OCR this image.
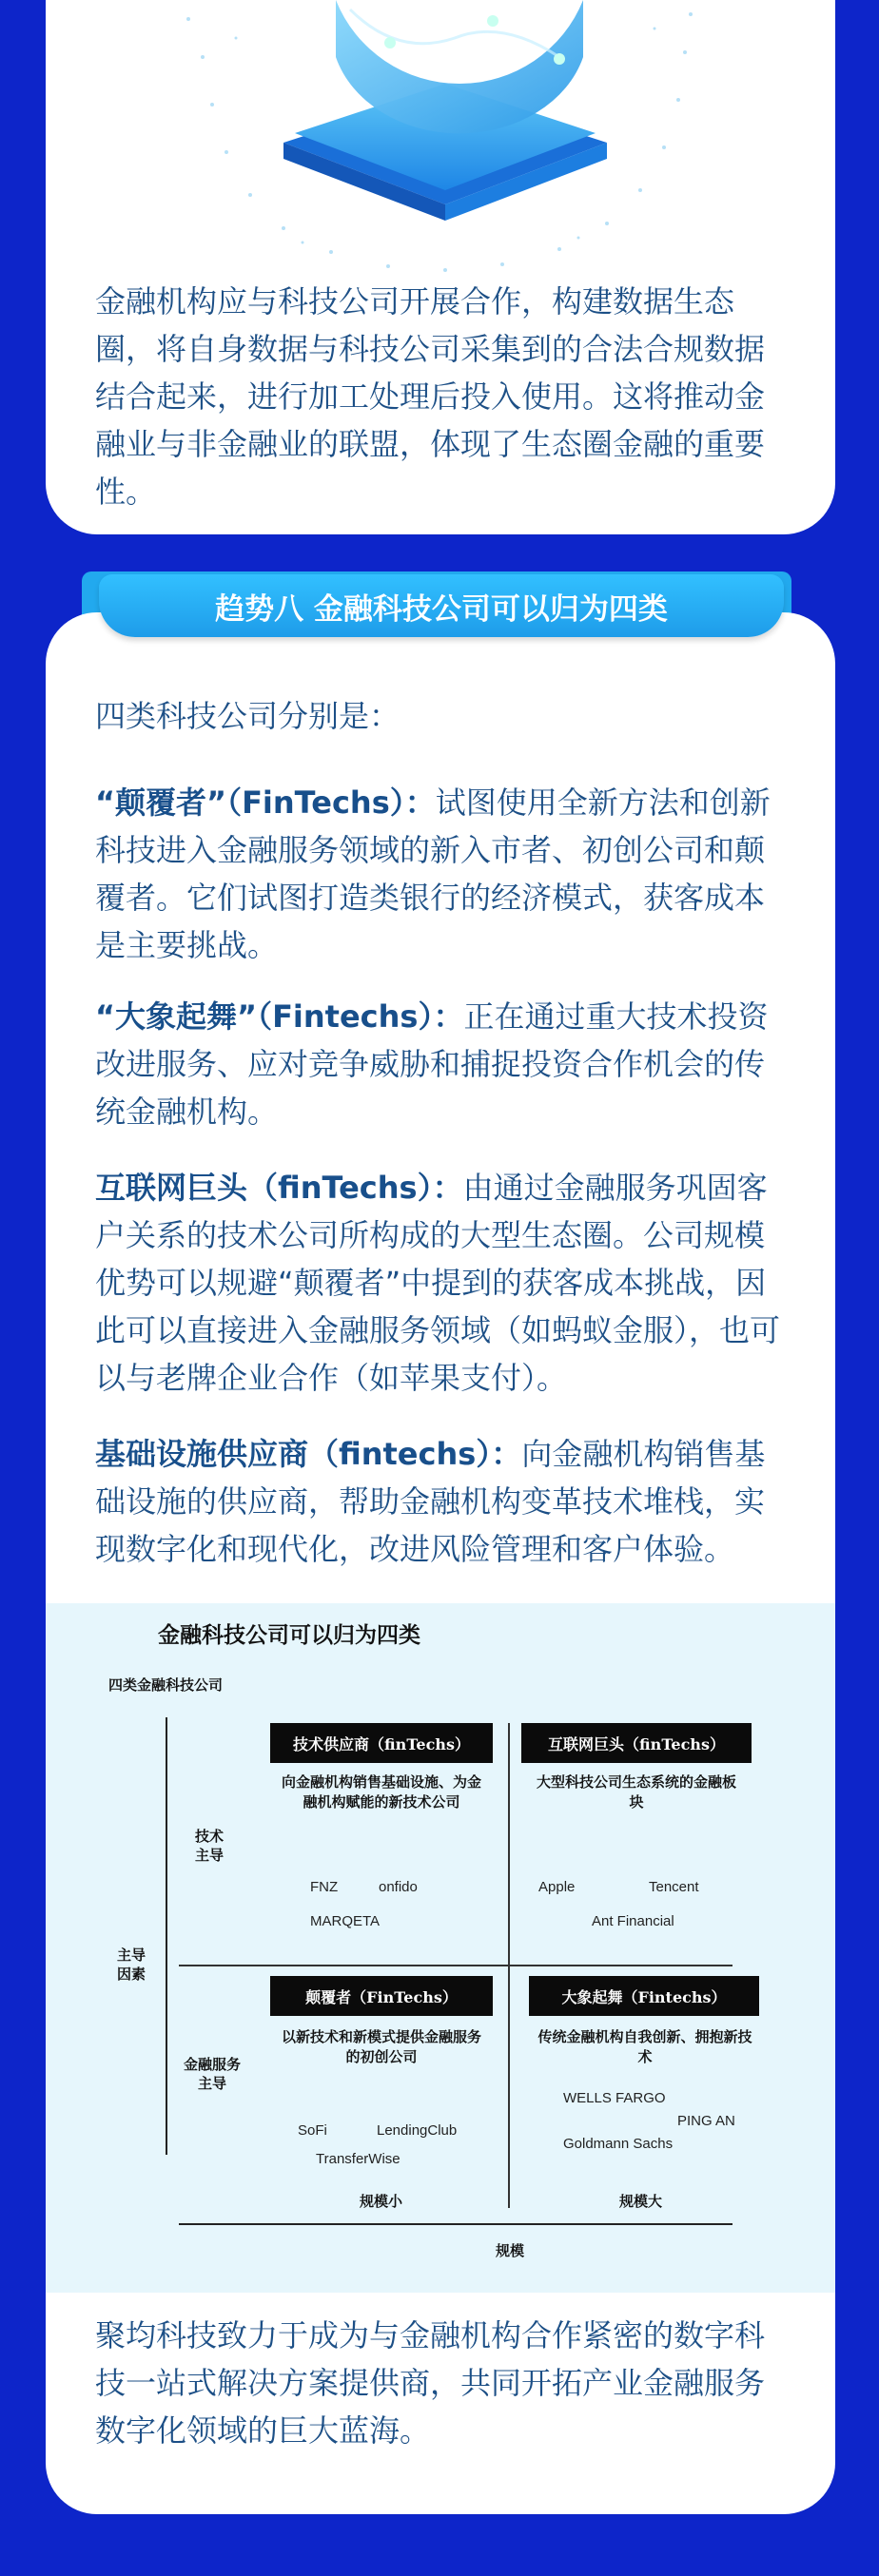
金融机构应与科技公司开展合作，构建数据生态圈，将自身数据与科技公司采集到的合法合规数据结合起来，进行加工处理后投入使用。这将推动金融业与非金融业的联盟，体现了生态圈金融的重要性。
四类科技公司分别是：
“颠覆者”（FinTechs）：试图使用全新方法和创新科技进入金融服务领域的新入市者、初创公司和颠覆者。它们试图打造类银行的经济模式，获客成本是主要挑战。
“大象起舞”（Fintechs）：正在通过重大技术投资改进服务、应对竞争威胁和捕捉投资合作机会的传统金融机构。
互联网巨头（finTechs）：由通过金融服务巩固客户关系的技术公司所构成的大型生态圈。公司规模优势可以规避“颠覆者”中提到的获客成本挑战，因此可以直接进入金融服务领域（如蚂蚁金服），也可以与老牌企业合作（如苹果支付）。
基础设施供应商（fintechs）：向金融机构销售基础设施的供应商，帮助金融机构变革技术堆栈，实现数字化和现代化，改进风险管理和客户体验。
趋势八 金融科技公司可以归为四类
金融科技公司可以归为四类
四类金融科技公司
主导因素
技术主导
金融服务主导
技术供应商（finTechs）
向金融机构销售基础设施、为金融机构赋能的新技术公司
FNZ	onfido
MARQETA
互联网巨头（finTechs）
大型科技公司生态系统的金融板块
Apple	Tencent
Ant Financial
颠覆者（FinTechs）
以新技术和新模式提供金融服务的初创公司
SoFi	LendingClub
TransferWise
大象起舞（Fintechs）
传统金融机构自我创新、拥抱新技术
WELLS FARGO
PING AN
Goldmann Sachs
规模小	规模大
规模
聚均科技致力于成为与金融机构合作紧密的数字科技一站式解决方案提供商，共同开拓产业金融服务数字化领域的巨大蓝海。
